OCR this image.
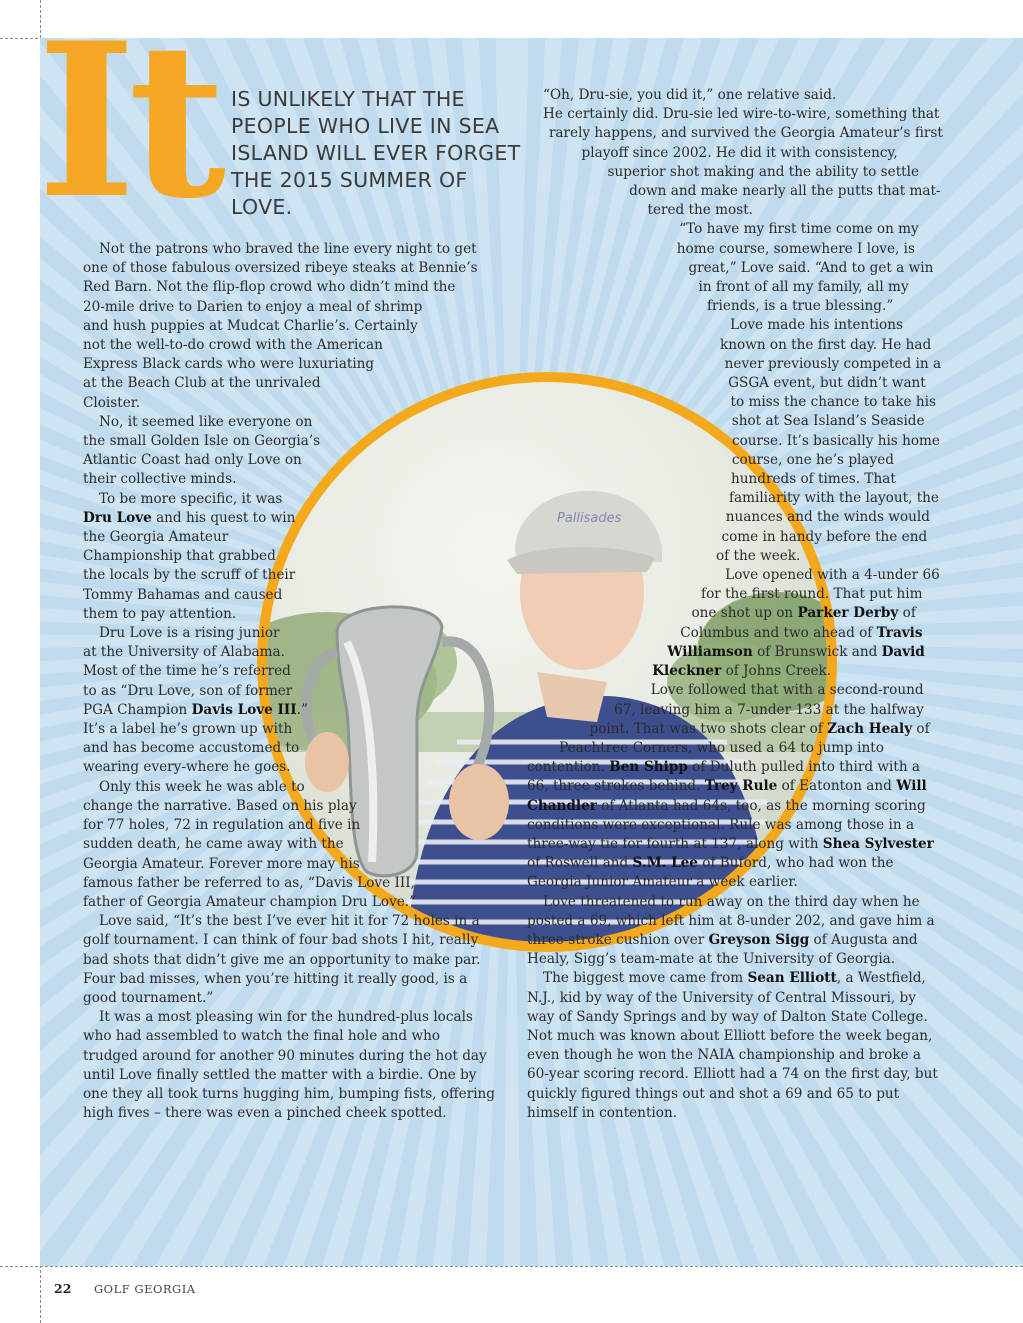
It IS UNLIKELY THAT THE PEOPLE WHO LIVE IN SEA ISLAND WILL EVER FORGET THE 2015 SUMMER OF LOVE.
Pallisades

Not the patrons who braved the line every night to get one of those fabulous oversized ribeye steaks at Bennie’s Red Barn. Not the flip-flop crowd who didn’t mind the 20-mile drive to Darien to enjoy a meal of shrimp and hush puppies at Mudcat Charlie’s. Certainly not the well-to-do crowd with the American Express Black cards who were luxuriating at the Beach Club at the unrivaled Cloister.

No, it seemed like everyone on the small Golden Isle on Georgia’s Atlantic Coast had only Love on their collective minds.

To be more specific, it was Dru Love and his quest to win the Georgia Amateur Championship that grabbed the locals by the scruff of their Tommy Bahamas and caused them to pay attention.

Dru Love is a rising junior at the University of Alabama. Most of the time he’s referred to as “Dru Love, son of former PGA Champion Davis Love III.” It’s a label he’s grown up with and has become accustomed to wearing every-where he goes.

Only this week he was able to change the narrative. Based on his play for 77 holes, 72 in regulation and five in sudden death, he came away with the Georgia Amateur. Forever more may his famous father be referred to as, “Davis Love III, father of Georgia Amateur champion Dru Love.”

Love said, “It’s the best I’ve ever hit it for 72 holes in a golf tournament. I can think of four bad shots I hit, really bad shots that didn’t give me an opportunity to make par. Four bad misses, when you’re hitting it really good, is a good tournament.”

It was a most pleasing win for the hundred-plus locals who had assembled to watch the final hole and who trudged around for another 90 minutes during the hot day until Love finally settled the matter with a birdie. One by one they all took turns hugging him, bumping fists, offering high fives – there was even a pinched cheek spotted.

“Oh, Dru-sie, you did it,” one relative said.

He certainly did. Dru-sie led wire-to-wire, something that rarely happens, and survived the Georgia Amateur’s first playoff since 2002. He did it with consistency, superior shot making and the ability to settle down and make nearly all the putts that mat-tered the most.

“To have my first time come on my home course, somewhere I love, is great,” Love said. “And to get a win in front of all my family, all my friends, is a true blessing.”

Love made his intentions known on the first day. He had never previously competed in a GSGA event, but didn’t want to miss the chance to take his shot at Sea Island’s Seaside course. It’s basically his home course, one he’s played hundreds of times. That familiarity with the layout, the nuances and the winds would come in handy before the end of the week.

Love opened with a 4-under 66 for the first round. That put him one shot up on Parker Derby of Columbus and two ahead of Travis Williamson of Brunswick and David Kleckner of Johns Creek.

Love followed that with a second-round 67, leaving him a 7-under 133 at the halfway point. That was two shots clear of Zach Healy of Peachtree Corners, who used a 64 to jump into contention. Ben Shipp of Duluth pulled into third with a 66, three strokes behind. Trey Rule of Eatonton and Will Chandler of Atlanta had 64s, too, as the morning scoring conditions were exceptional. Rule was among those in a three-way tie for fourth at 137, along with Shea Sylvester of Roswell and S.M. Lee of Buford, who had won the Georgia Junior Amateur a week earlier.

Love threatened to run away on the third day when he posted a 69, which left him at 8-under 202, and gave him a three-stroke cushion over Greyson Sigg of Augusta and Healy, Sigg’s team-mate at the University of Georgia.

The biggest move came from Sean Elliott, a Westfield, N.J., kid by way of the University of Central Missouri, by way of Sandy Springs and by way of Dalton State College. Not much was known about Elliott before the week began, even though he won the NAIA championship and broke a 60-year scoring record. Elliott had a 74 on the first day, but quickly figured things out and shot a 69 and 65 to put himself in contention.

22 GOLF GEORGIA
